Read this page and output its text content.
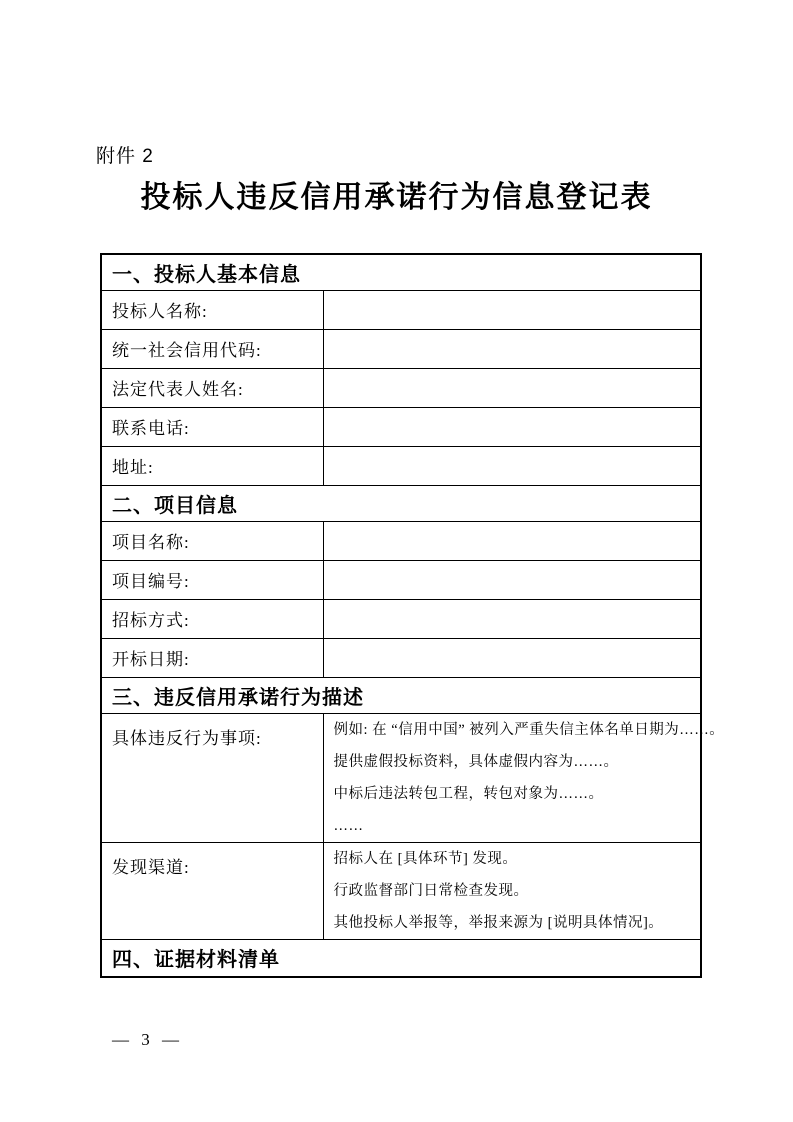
附件 2
投标人违反信用承诺行为信息登记表
一、投标人基本信息	
投标人名称:	
统一社会信用代码:	
法定代表人姓名:	
联系电话:	
地址:	
二、项目信息	
项目名称:	
项目编号:	
招标方式:	
开标日期:	
三、违反信用承诺行为描述	
具体违反行为事项:	例如: 在 “信用中国” 被列入严重失信主体名单日期为……。
提供虚假投标资料，具体虚假内容为……。
中标后违法转包工程，转包对象为……。
……

发现渠道:	招标人在 [具体环节] 发现。
行政监督部门日常检查发现。
其他投标人举报等，举报来源为 [说明具体情况]。

四、证据材料清单	
— 3 —
